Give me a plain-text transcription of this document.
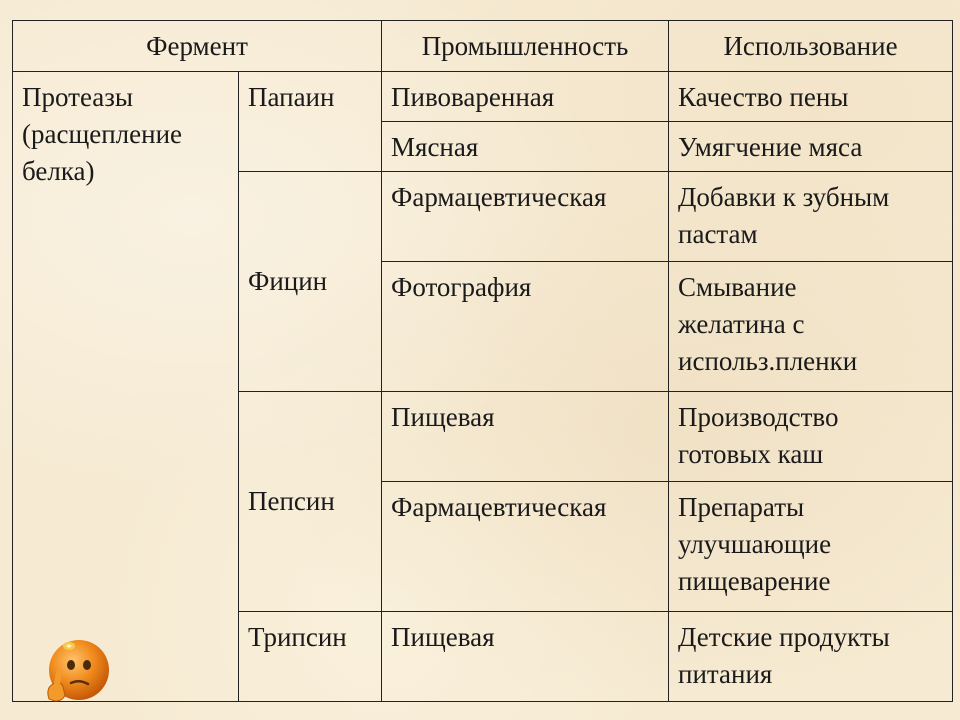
Фермент		Промышленность	Использование

Протеазы
(расщепление
белка)	Папаин	Пивоваренная	Качество пены

		Мясная	Умягчение мяса

	Фицин	Фармацевтическая	Добавки к зубным
пастам

		Фотография	Смывание
желатина с
использ.пленки

	Пепсин	Пищевая	Производство
готовых каш

		Фармацевтическая	Препараты
улучшающие
пищеварение

	Трипсин	Пищевая	Детские продукты
питания
